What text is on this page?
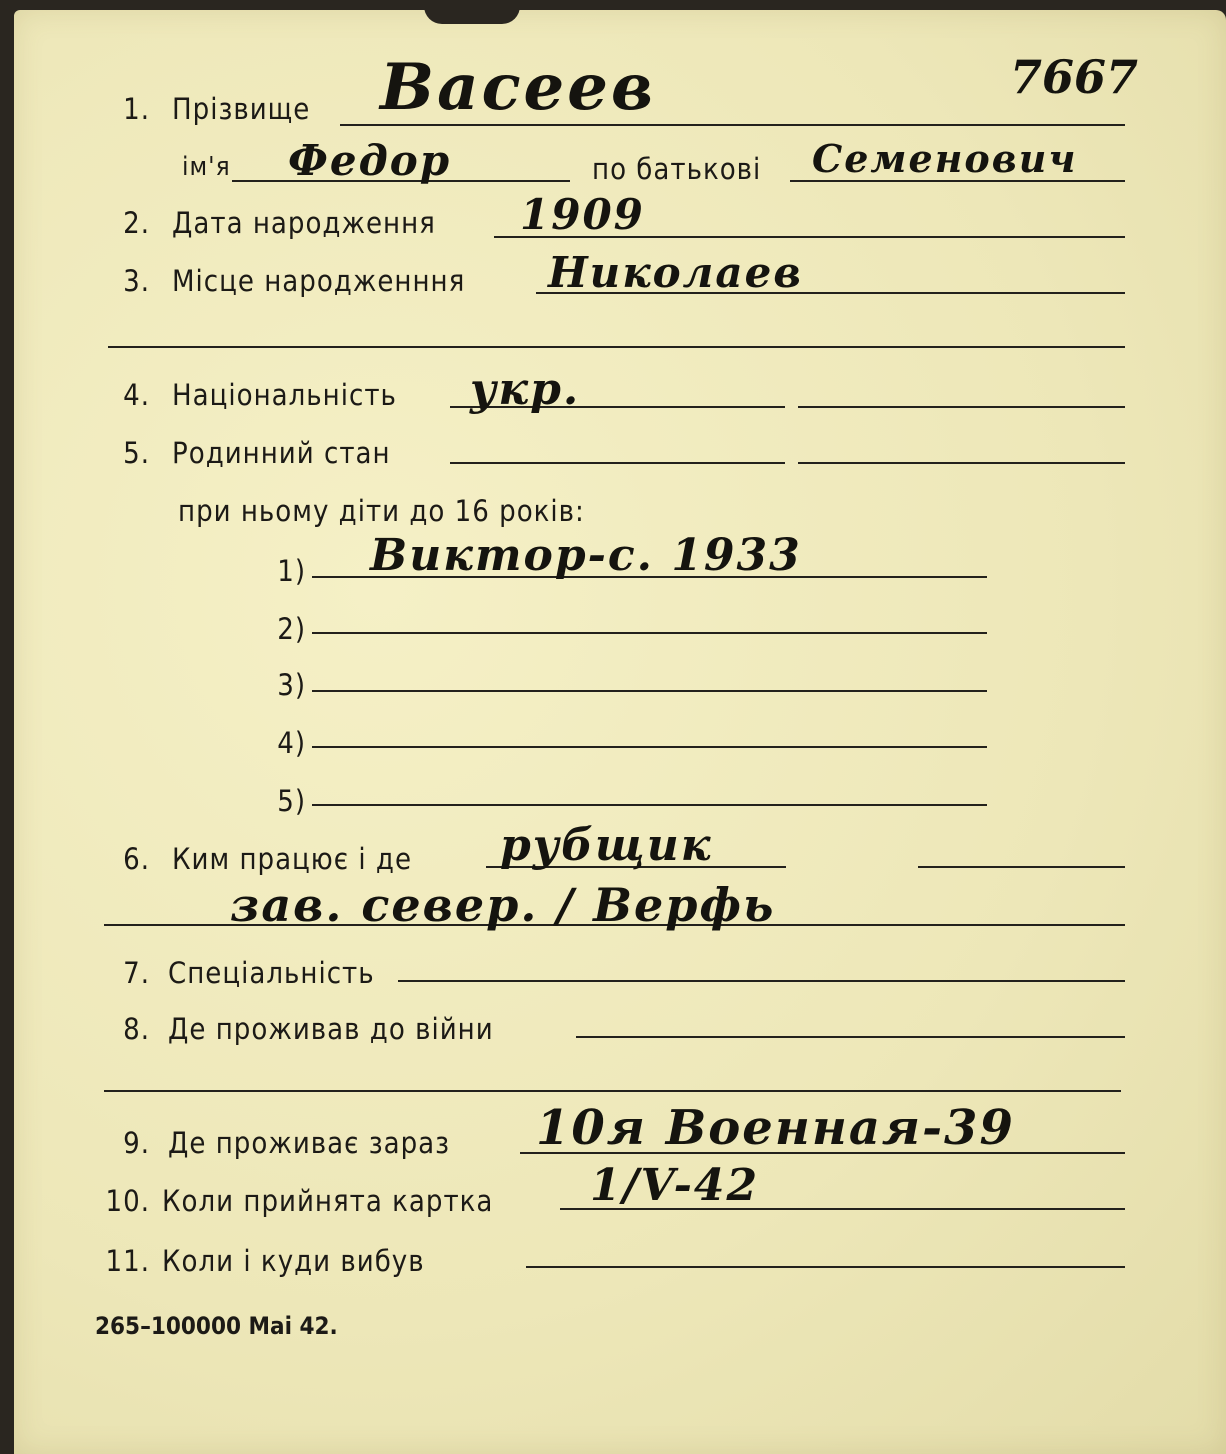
7667
1. Прізвище Васеев
ім'я Федор	по батькові Семенович
2. Дата народження 1909
3. Місце народженння Николаев
4. Національність укр.
5. Родинний стан
при ньому діти до 16 років:
1) Виктор-с. 1933
2)
3)
4)
5)
6. Ким працює і де рубщик
зав. север. / Верфь
7. Спеціальність
8. Де проживав до війни
9. Де проживає зараз 10я Военная-39
10. Коли прийнята картка 1/V-42
11. Коли і куди вибув
265–100000 Mai 42.
